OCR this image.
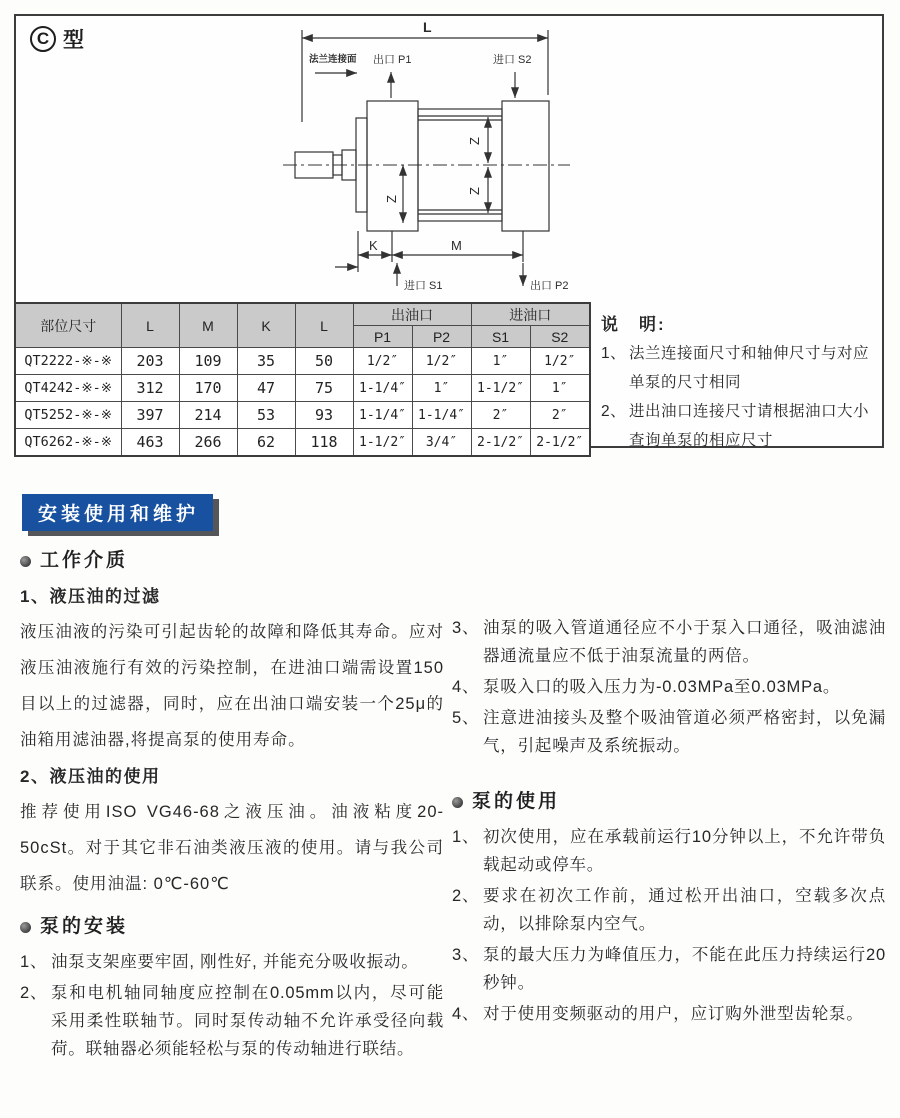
C 型
L
法兰连接面 出口 P1	进口 S2
Z
Z
Z
K	M
进口 S1	出口 P2
部位尺寸	L	M	K	L	出油口		进油口	
					P1	P2	S1	S2
QT2222-※-※	203	109	35	50	1/2″	1/2″	1″	1/2″
QT4242-※-※	312	170	47	75	1-1/4″	1″	1-1/2″	1″
QT5252-※-※	397	214	53	93	1-1/4″	1-1/4″	2″	2″
QT6262-※-※	463	266	62	118	1-1/2″	3/4″	2-1/2″	2-1/2″
说　明:
1、 法兰连接面尺寸和轴伸尺寸与对应单泵的尺寸相同
2、 进出油口连接尺寸请根据油口大小查询单泵的相应尺寸
安装使用和维护
工作介质
1、液压油的过滤

液压油液的污染可引起齿轮的故障和降低其寿命。应对液压油液施行有效的污染控制，在进油口端需设置150目以上的过滤器，同时，应在出油口端安装一个25μ的油箱用滤油器,将提高泵的使用寿命。

2、液压油的使用

推荐使用ISO VG46-68之液压油。油液粘度20-50cSt。对于其它非石油类液压液的使用。请与我公司联系。使用油温: 0℃-60℃

泵的安装
1、 油泵支架座要牢固, 刚性好, 并能充分吸收振动。
2、 泵和电机轴同轴度应控制在0.05mm以内，尽可能采用柔性联轴节。同时泵传动轴不允许承受径向载荷。联轴器必须能轻松与泵的传动轴进行联结。
3、 油泵的吸入管道通径应不小于泵入口通径，吸油滤油器通流量应不低于油泵流量的两倍。
4、 泵吸入口的吸入压力为-0.03MPa至0.03MPa。
5、 注意进油接头及整个吸油管道必须严格密封，以免漏气，引起噪声及系统振动。
泵的使用
1、 初次使用，应在承载前运行10分钟以上，不允许带负载起动或停车。
2、 要求在初次工作前，通过松开出油口，空载多次点动，以排除泵内空气。
3、 泵的最大压力为峰值压力，不能在此压力持续运行20秒钟。
4、 对于使用变频驱动的用户，应订购外泄型齿轮泵。
